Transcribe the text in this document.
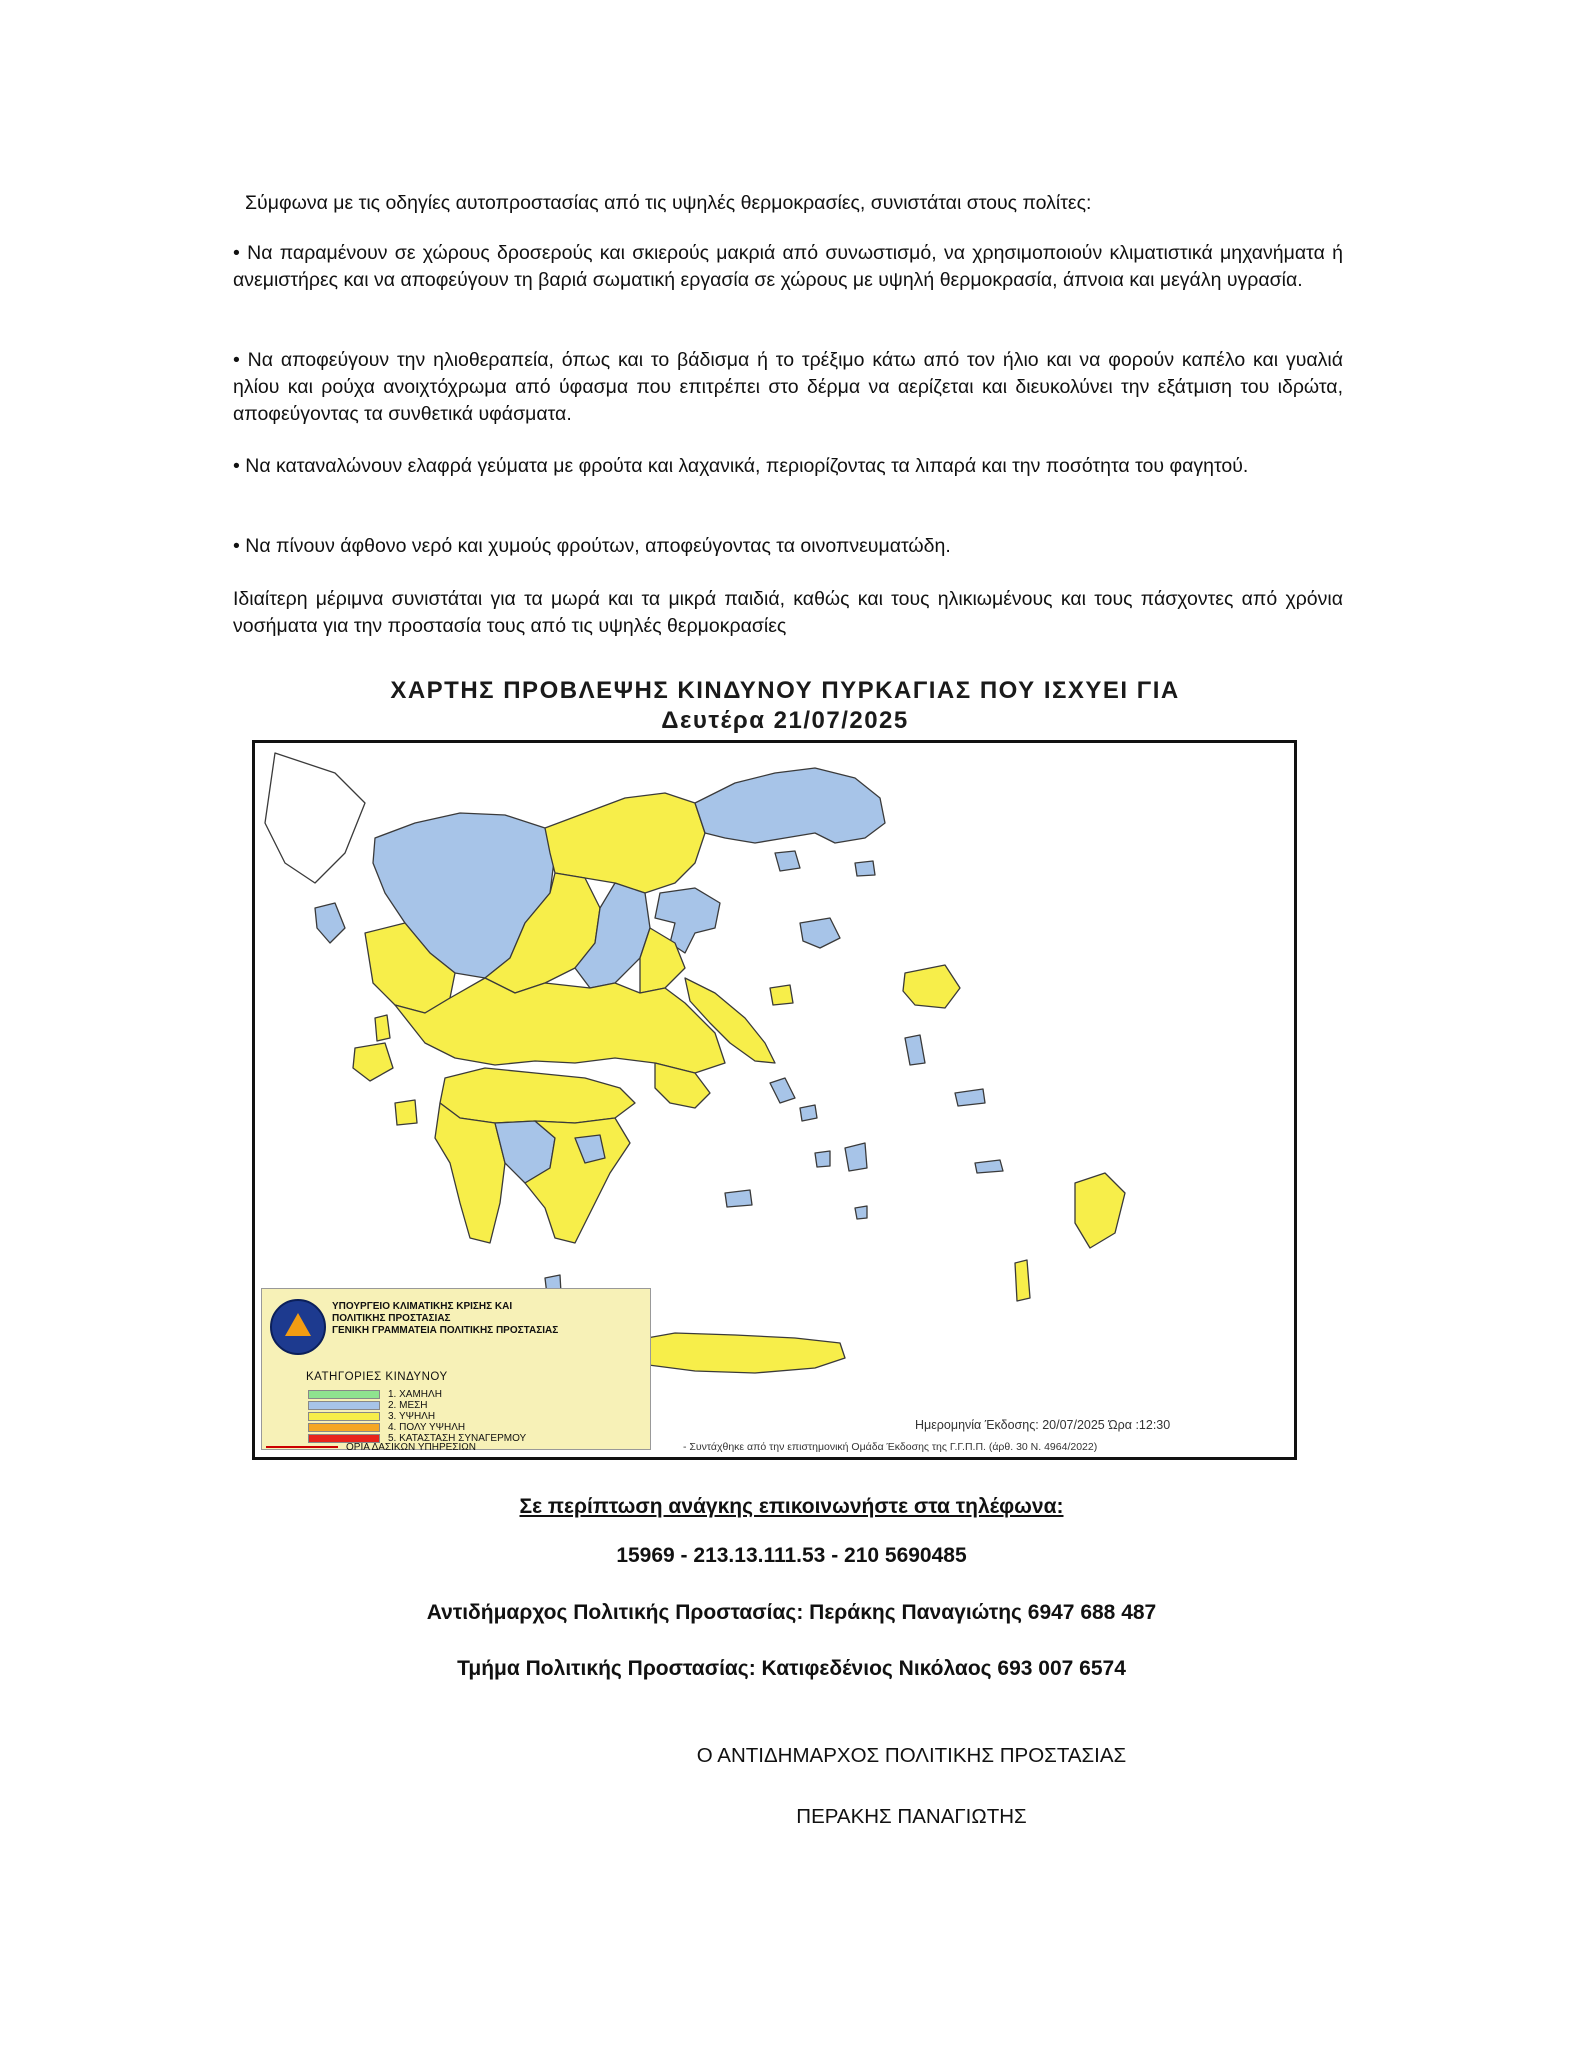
Σύμφωνα με τις οδηγίες αυτοπροστασίας από τις υψηλές θερμοκρασίες, συνιστάται στους πολίτες:
• Να παραμένουν σε χώρους δροσερούς και σκιερούς μακριά από συνωστισμό, να χρησιμοποιούν κλιματιστικά μηχανήματα ή ανεμιστήρες και να αποφεύγουν τη βαριά σωματική εργασία σε χώρους με υψηλή θερμοκρασία, άπνοια και μεγάλη υγρασία.
• Να αποφεύγουν την ηλιοθεραπεία, όπως και το βάδισμα ή το τρέξιμο κάτω από τον ήλιο και να φορούν καπέλο και γυαλιά ηλίου και ρούχα ανοιχτόχρωμα από ύφασμα που επιτρέπει στο δέρμα να αερίζεται και διευκολύνει την εξάτμιση του ιδρώτα, αποφεύγοντας τα συνθετικά υφάσματα.
• Να καταναλώνουν ελαφρά γεύματα με φρούτα και λαχανικά, περιορίζοντας τα λιπαρά και την ποσότητα του φαγητού.
• Να πίνουν άφθονο νερό και χυμούς φρούτων, αποφεύγοντας τα οινοπνευματώδη.
Ιδιαίτερη μέριμνα συνιστάται για τα μωρά και τα μικρά παιδιά, καθώς και τους ηλικιωμένους και τους πάσχοντες από χρόνια νοσήματα για την προστασία τους από τις υψηλές θερμοκρασίες
ΧΑΡΤΗΣ ΠΡΟΒΛΕΨΗΣ ΚΙΝΔΥΝΟΥ ΠΥΡΚΑΓΙΑΣ ΠΟΥ ΙΣΧΥΕΙ ΓΙΑ
Δευτέρα 21/07/2025
ΥΠΟΥΡΓΕΙΟ ΚΛΙΜΑΤΙΚΗΣ ΚΡΙΣΗΣ ΚΑΙ
ΠΟΛΙΤΙΚΗΣ ΠΡΟΣΤΑΣΙΑΣ
ΓΕΝΙΚΗ ΓΡΑΜΜΑΤΕΙΑ ΠΟΛΙΤΙΚΗΣ ΠΡΟΣΤΑΣΙΑΣ
ΚΑΤΗΓΟΡΙΕΣ ΚΙΝΔΥΝΟΥ
1. ΧΑΜΗΛΗ
2. ΜΕΣΗ
3. ΥΨΗΛΗ
4. ΠΟΛΥ ΥΨΗΛΗ
5. ΚΑΤΑΣΤΑΣΗ ΣΥΝΑΓΕΡΜΟΥ
ΟΡΙΑ ΔΑΣΙΚΩΝ ΥΠΗΡΕΣΙΩΝ
Ημερομηνία Έκδοσης: 20/07/2025 Ώρα :12:30
- Συντάχθηκε από την επιστημονική Ομάδα Έκδοσης της Γ.Γ.Π.Π. (άρθ. 30 Ν. 4964/2022)
Σε περίπτωση ανάγκης επικοινωνήστε στα τηλέφωνα:
15969 - 213.13.111.53 - 210 5690485
Αντιδήμαρχος Πολιτικής Προστασίας: Περάκης Παναγιώτης 6947 688 487
Τμήμα Πολιτικής Προστασίας: Κατιφεδένιος Νικόλαος 693 007 6574
Ο ΑΝΤΙΔΗΜΑΡΧΟΣ ΠΟΛΙΤΙΚΗΣ ΠΡΟΣΤΑΣΙΑΣ
ΠΕΡΑΚΗΣ ΠΑΝΑΓΙΩΤΗΣ
